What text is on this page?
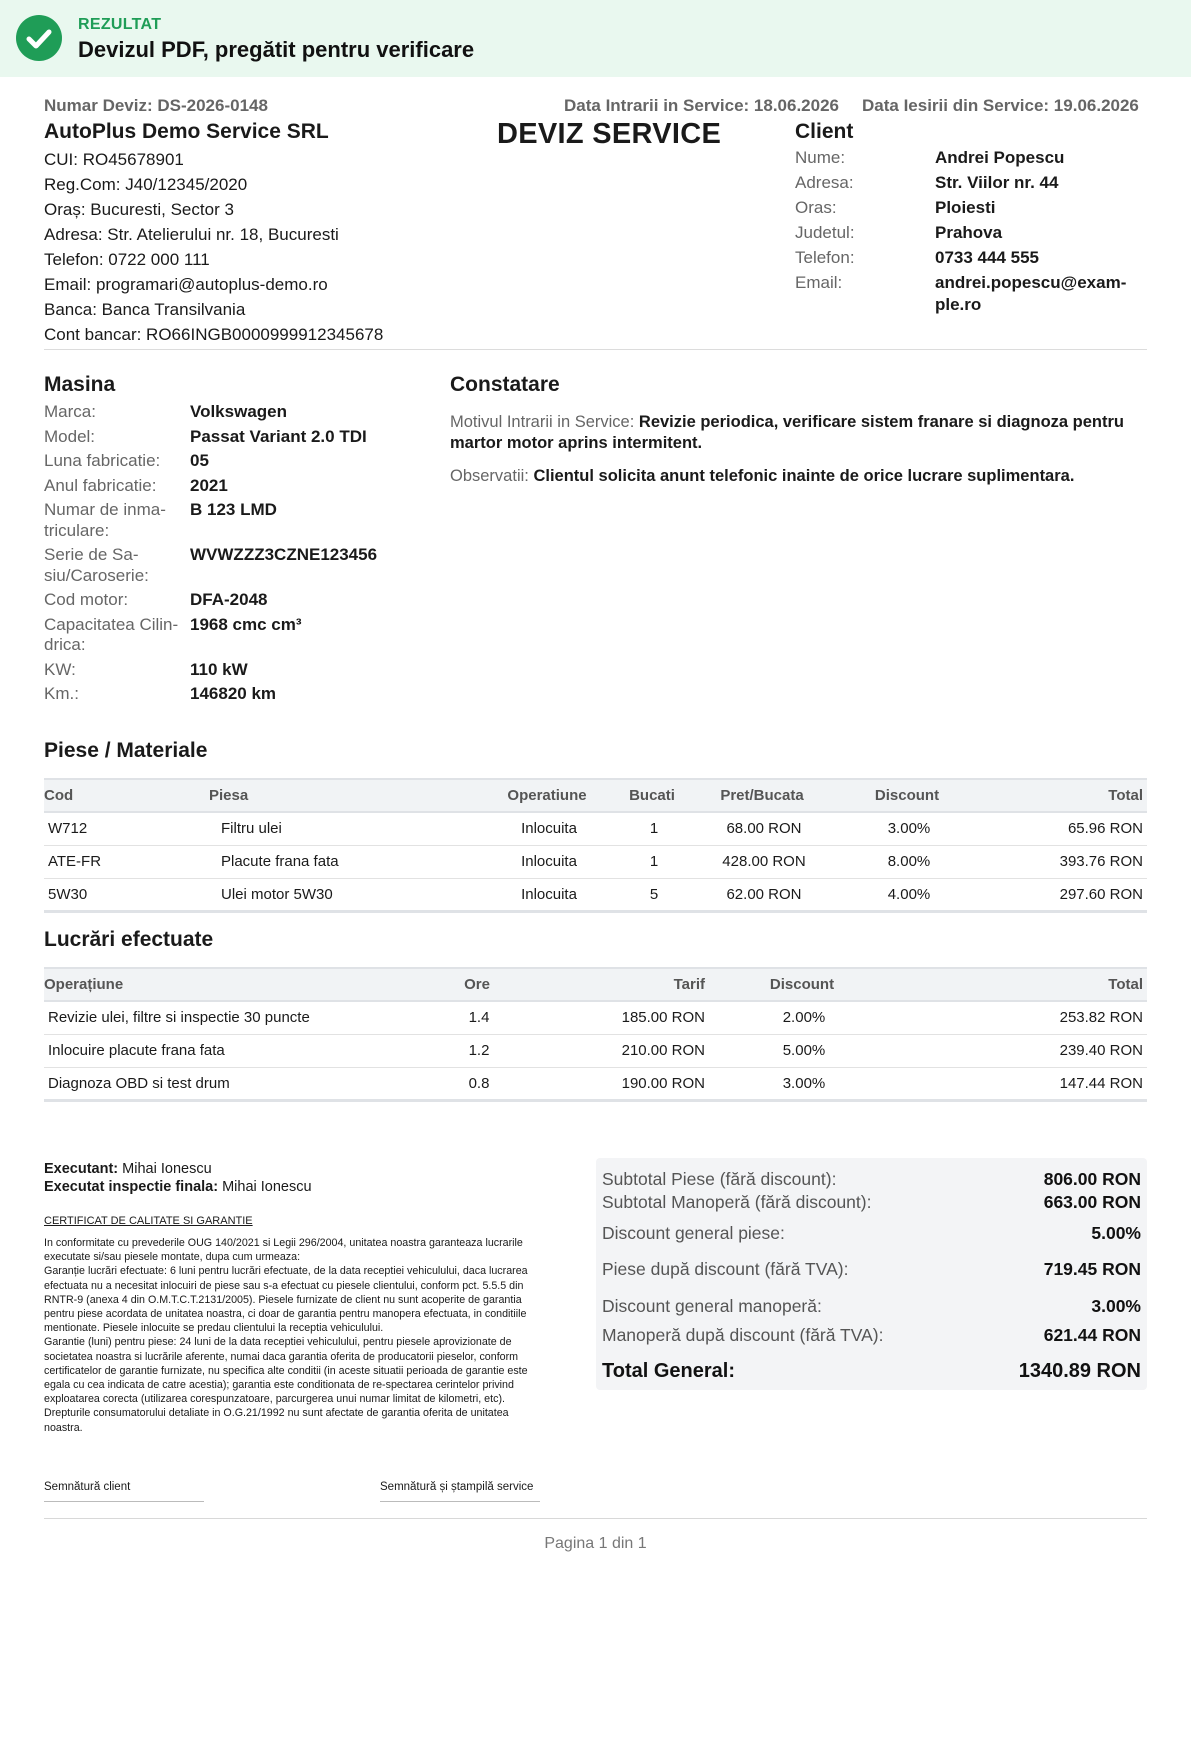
REZULTAT
Devizul PDF, pregătit pentru verificare
Numar Deviz: DS-2026-0148	Data Intrarii in Service: 18.06.2026 Data Iesirii din Service: 19.06.2026
AutoPlus Demo Service SRL
CUI: RO45678901
Reg.Com: J40/12345/2020
Oraș: Bucuresti, Sector 3
Adresa: Str. Atelierului nr. 18, Bucuresti
Telefon: 0722 000 111
Email: programari@autoplus-demo.ro
Banca: Banca Transilvania
Cont bancar: RO66INGB0000999912345678
DEVIZ SERVICE	Client
Nume:	Andrei Popescu
Adresa:	Str. Viilor nr. 44
Oras:	Ploiesti
Judetul:	Prahova
Telefon:	0733 444 555
Email:	andrei.popescu@exam-
ple.ro
Masina
Marca:	Volkswagen
Model:	Passat Variant 2.0 TDI
Luna fabricatie:	05
Anul fabricatie:	2021
Numar de inma-
triculare:
B 123 LMD
Serie de Sa-
siu/Caroserie:
WVWZZZ3CZNE123456
Cod motor:	DFA-2048
Capacitatea Cilin-
drica:
1968 cmc cm³
KW:	110 kW
Km.:	146820 km
Constatare

Motivul Intrarii in Service: Revizie periodica, verificare sistem franare si diagnoza pentru martor motor aprins intermitent.

Observatii: Clientul solicita anunt telefonic inainte de orice lucrare suplimentara.

Piese / Materiale
Cod	Piesa	Operatiune	Bucati	Pret/Bucata	Discount	Total
W712	Filtru ulei	Inlocuita	1	68.00 RON	3.00%	65.96 RON
ATE-FR	Placute frana fata	Inlocuita	1	428.00 RON	8.00%	393.76 RON
5W30	Ulei motor 5W30	Inlocuita	5	62.00 RON	4.00%	297.60 RON
Lucrări efectuate
Operațiune	Ore	Tarif	Discount	Total
Revizie ulei, filtre si inspectie 30 puncte	1.4	185.00 RON	2.00%	253.82 RON
Inlocuire placute frana fata	1.2	210.00 RON	5.00%	239.40 RON
Diagnoza OBD si test drum	0.8	190.00 RON	3.00%	147.44 RON
Executant: Mihai Ionescu
Executat inspectie finala: Mihai Ionescu
CERTIFICAT DE CALITATE SI GARANTIE
In conformitate cu prevederile OUG 140/2021 si Legii 296/2004, unitatea noastra garanteaza lucrarile executate si/sau piesele montate, dupa cum urmeaza:
Garanție lucrări efectuate: 6 luni pentru lucrări efectuate, de la data receptiei vehiculului, daca lucrarea efectuata nu a necesitat inlocuiri de piese sau s-a efectuat cu piesele clientului, conform pct. 5.5.5 din RNTR-9 (anexa 4 din O.M.T.C.T.2131/2005). Piesele furnizate de client nu sunt acoperite de garantia pentru piese acordata de unitatea noastra, ci doar de garantia pentru manopera efectuata, in conditiile mentionate. Piesele inlocuite se predau clientului la receptia vehiculului.
Garantie (luni) pentru piese: 24 luni de la data receptiei vehiculului, pentru piesele aprovizionate de societatea noastra si lucrările aferente, numai daca garantia oferita de producatorii pieselor, conform certificatelor de garantie furnizate, nu specifica alte conditii (in aceste situatii perioada de garantie este egala cu cea indicata de catre acestia); garantia este conditionata de re-spectarea cerintelor privind exploatarea corecta (utilizarea corespunzatoare, parcurgerea unui numar limitat de kilometri, etc).
Drepturile consumatorului detaliate in O.G.21/1992 nu sunt afectate de garantia oferita de unitatea noastra.
Semnătură client	Semnătură și ștampilă service
Subtotal Piese (fără discount):	806.00 RON
Subtotal Manoperă (fără discount):	663.00 RON
Discount general piese:	5.00%
Piese după discount (fără TVA):	719.45 RON
Discount general manoperă:	3.00%
Manoperă după discount (fără TVA):	621.44 RON
Total General:	1340.89 RON
Pagina 1 din 1
